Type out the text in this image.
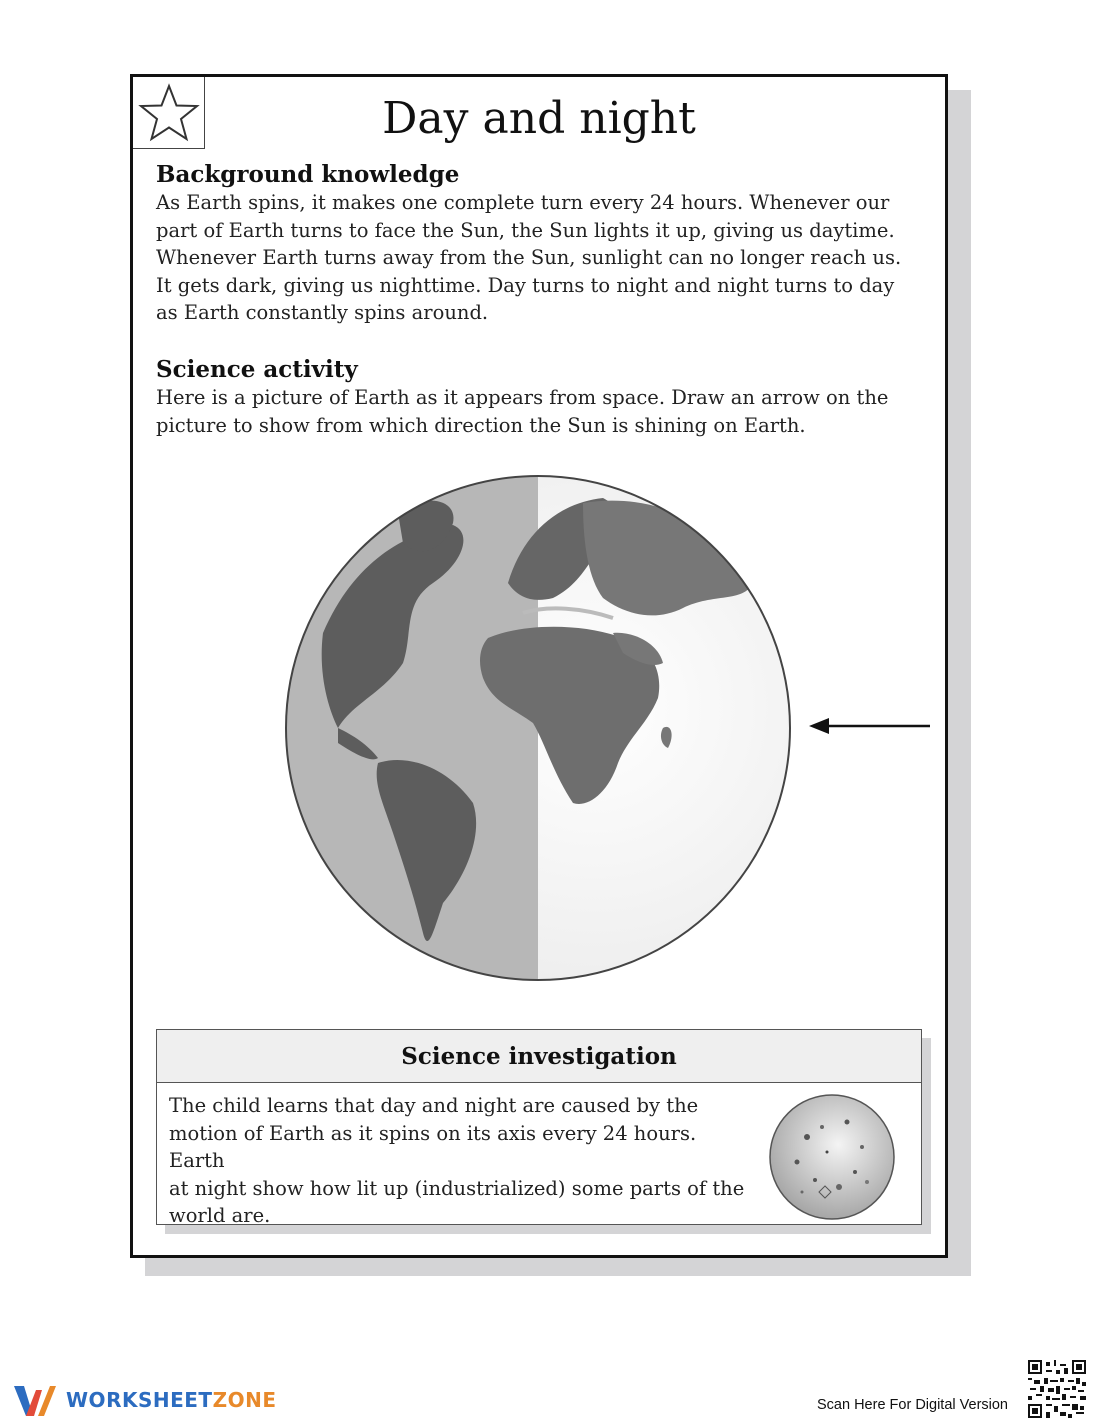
Day and night
Background knowledge
As Earth spins, it makes one complete turn every 24 hours. Whenever our
part of Earth turns to face the Sun, the Sun lights it up, giving us daytime.
Whenever Earth turns away from the Sun, sunlight can no longer reach us.
It gets dark, giving us nighttime. Day turns to night and night turns to day
as Earth constantly spins around.
Science activity
Here is a picture of Earth as it appears from space. Draw an arrow on the
picture to show from which direction the Sun is shining on Earth.
Science investigation
The child learns that day and night are caused by the
motion of Earth as it spins on its axis every 24 hours. Earth
at night show how lit up (industrialized) some parts of the
world are.
WORKSHEETZONE	Scan Here For Digital Version
